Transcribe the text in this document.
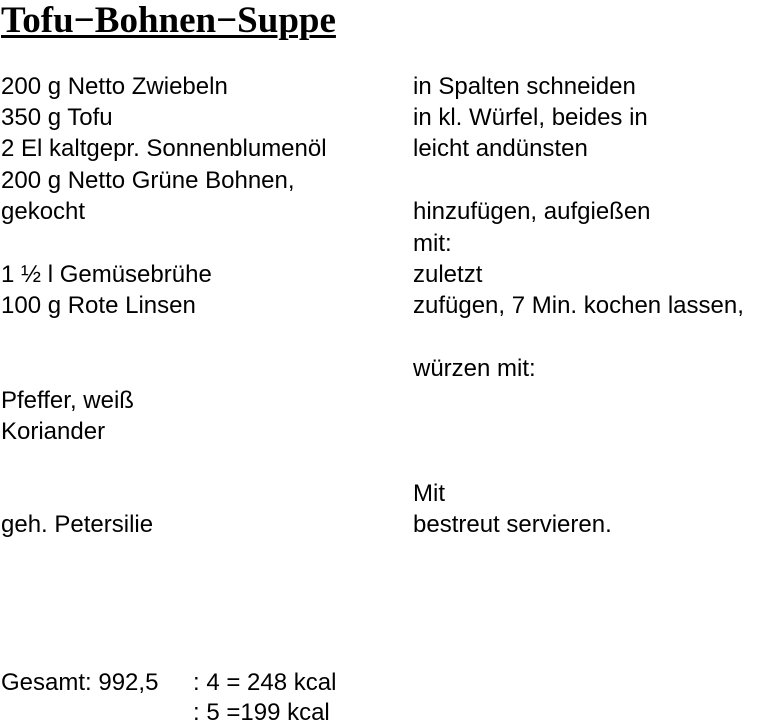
Tofu−Bohnen−Suppe
200 g Netto Zwiebeln
350 g Tofu
2 El kaltgepr. Sonnenblumenöl
200 g Netto Grüne Bohnen,
gekocht
1 ½ l Gemüsebrühe
100 g Rote Linsen
Pfeffer, weiß
Koriander
geh. Petersilie
in Spalten schneiden
in kl. Würfel, beides in
leicht andünsten
hinzufügen, aufgießen
mit:
zuletzt
zufügen, 7 Min. kochen lassen,
würzen mit:
Mit
bestreut servieren.
Gesamt: 992,5 : 4 = 248 kcal
: 5 =199 kcal
